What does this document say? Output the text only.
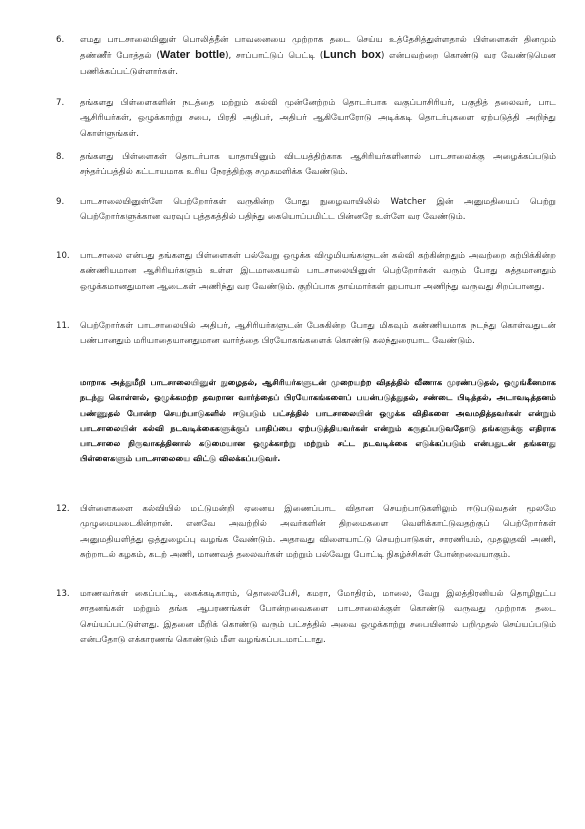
6.	எமது பாடசாலையினுள் பொலித்தீன் பாவனையை முற்றாக தடை செய்ய உத்தேசித்துள்ளதால் பிள்ளைகள் தினமும் தண்ணீர் போத்தல் (Water bottle), சாப்பாட்டுப் பெட்டி (Lunch box) என்பவற்றை கொண்டு வர வேண்டுமென பணிக்கப்பட்டுள்ளார்கள்.
7.	தங்களது பிள்ளைகளின் நடத்தை மற்றும் கல்வி முன்னேற்றம் தொடர்பாக வகுப்பாசிரியர், பகுதித் தலைவர், பாட ஆசிரியர்கள், ஒழுக்காற்று சபை, பிரதி அதிபர், அதிபர் ஆகியோரோடு அடிக்கடி தொடர்புகளை ஏற்படுத்தி அறிந்து கொள்ளுங்கள்.
8.	தங்களது பிள்ளைகள் தொடர்பாக யாதாயினும் விடயத்திற்காக ஆசிரியர்களினால் பாடசாலைக்கு அழைக்கப்படும் சந்தர்ப்பத்தில் கட்டாயமாக உரிய நேரத்திற்கு சமுகமளிக்க வேண்டும்.
9.	பாடசாலையினுள்ளே பெற்றோர்கள் வருகின்ற போது நுழைவாயிலில் Watcher இன் அனுமதியைப் பெற்று பெற்றோர்களுக்கான வரவுப் புத்தகத்தில் பதிந்து கையொப்பமிட்ட பின்னரே உள்ளே வர வேண்டும்.
10.	பாடசாலை என்பது தங்களது பிள்ளைகள் பல்வேறு ஒழுக்க விழுமியங்களுடன் கல்வி கற்கின்றதும் அவற்றை கற்பிக்கின்ற கண்ணியமான ஆசிரியர்களும் உள்ள இடமாகையால் பாடசாலையினுள் பெற்றோர்கள் வரும் போது சுத்தமானதும் ஒழுக்கமானதுமான ஆடைகள் அணிந்து வர வேண்டும். குறிப்பாக தாய்மார்கள் ஹபாயா அணிந்து வருவது சிறப்பானது.
11.	பெற்றோர்கள் பாடசாலையில் அதிபர், ஆசிரியர்களுடன் பேசுகின்ற போது மிகவும் கண்ணியமாக நடந்து கொள்வதுடன் பண்பானதும் மரியாதையானதுமான வார்த்தை பிரயோகங்களைக் கொண்டு கலந்துரையாட வேண்டும்.
மாறாக அத்துமீறி பாடசாலையினுள் நுழைதல், ஆசிரியர்களுடன் முறையற்ற விதத்தில் வீணாக முரண்படுதல், ஒழுங்கீனமாக நடந்து கொள்ளல், ஒழுக்கமற்ற தவறான வார்த்தைப் பிரயோகங்களைப் பயன்படுத்துதல், சண்டை பிடித்தல், அடாவடித்தனம் பண்ணுதல் போன்ற செயற்பாடுகளில் ஈடுபடும் பட்சத்தில் பாடசாலையின் ஒழுக்க விதிகளை அவமதித்தவர்கள் என்றும் பாடசாலையின் கல்வி நடவடிக்கைகளுக்குப் பாதிப்பை ஏற்படுத்தியவர்கள் என்றும் கருதப்படுவதோடு தங்களுக்கு எதிராக பாடசாலை நிருவாகத்தினால் கடுமையான ஒழுக்காற்று மற்றும் சட்ட நடவடிக்கை எடுக்கப்படும் என்பதுடன் தங்களது பிள்ளைகளும் பாடசாலையை விட்டு விலக்கப்படுவர்.
12.	பிள்ளைகளை கல்வியில் மட்டுமன்றி ஏனைய இணைப்பாட விதான செயற்பாடுகளிலும் ஈடுபடுவதன் மூலமே முழுமையடைகின்றான். எனவே அவற்றில் அவர்களின் திறமைகளை வெளிக்காட்டுவதற்குப் பெற்றோர்கள் அனுமதியளித்து ஒத்துழைப்பு வழங்க வேண்டும். அதாவது விளையாட்டு செயற்பாடுகள், சாரணியம், முதலுதவி அணி, சுற்றாடல் கழகம், கடற் அணி, மாணவத் தலைவர்கள் மற்றும் பல்வேறு போட்டி நிகழ்ச்சிகள் போன்றவையாகும்.
13.	மாணவர்கள் கைப்பட்டி, கைக்கடிகாரம், தொலைபேசி, கமரா, மோதிரம், மாலை, வேறு இலத்திரனியல் தொழிநுட்ப சாதனங்கள் மற்றும் தங்க ஆபரணங்கள் போன்றவைகளை பாடசாலைக்குள் கொண்டு வருவது முற்றாக தடை செய்யப்பட்டுள்ளது. இதனை மீறிக் கொண்டு வரும் பட்சத்தில் அவை ஒழுக்காற்று சபையினால் பறிமுதல் செய்யப்படும் என்பதோடு எக்காரணங் கொண்டும் மீள வழங்கப்படமாட்டாது.
